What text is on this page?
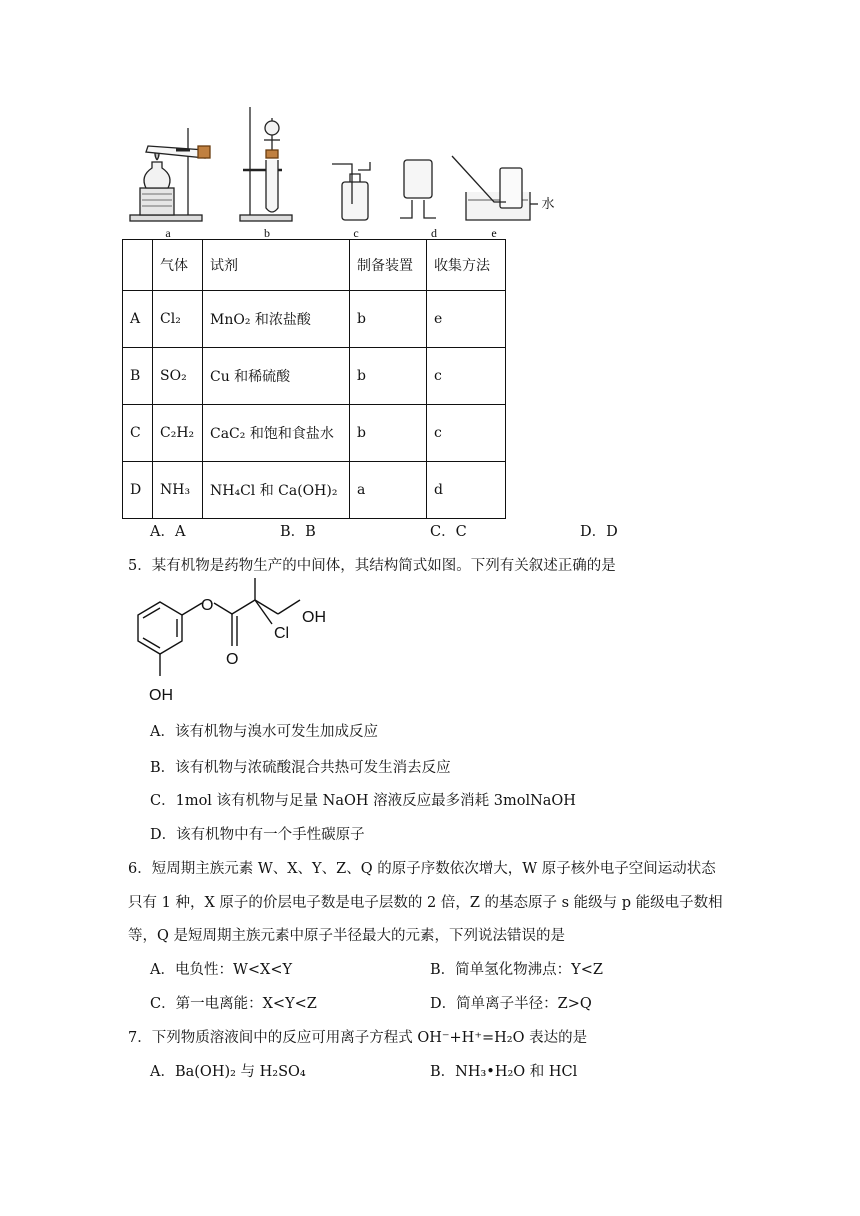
a	b	c	d	e
水
	气体	试剂	制备装置	收集方法
A	Cl₂	MnO₂ 和浓盐酸	b	e
B	SO₂	Cu 和稀硫酸	b	c
C	C₂H₂	CaC₂ 和饱和食盐水	b	c
D	NH₃	NH₄Cl 和 Ca(OH)₂	a	d
A．A	B．B	C．C	D．D
5．某有机物是药物生产的中间体，其结构简式如图。下列有关叙述正确的是
O
O
OH
Cl
OH
A．该有机物与溴水可发生加成反应
B．该有机物与浓硫酸混合共热可发生消去反应
C．1mol 该有机物与足量 NaOH 溶液反应最多消耗 3molNaOH
D．该有机物中有一个手性碳原子
6．短周期主族元素 W、X、Y、Z、Q 的原子序数依次增大，W 原子核外电子空间运动状态
只有 1 种，X 原子的价层电子数是电子层数的 2 倍，Z 的基态原子 s 能级与 p 能级电子数相
等，Q 是短周期主族元素中原子半径最大的元素，下列说法错误的是
A．电负性：W<X<Y	B．简单氢化物沸点：Y<Z
C．第一电离能：X<Y<Z	D．简单离子半径：Z>Q
7．下列物质溶液间中的反应可用离子方程式 OH⁻+H⁺=H₂O 表达的是
A．Ba(OH)₂ 与 H₂SO₄	B．NH₃•H₂O 和 HCl
